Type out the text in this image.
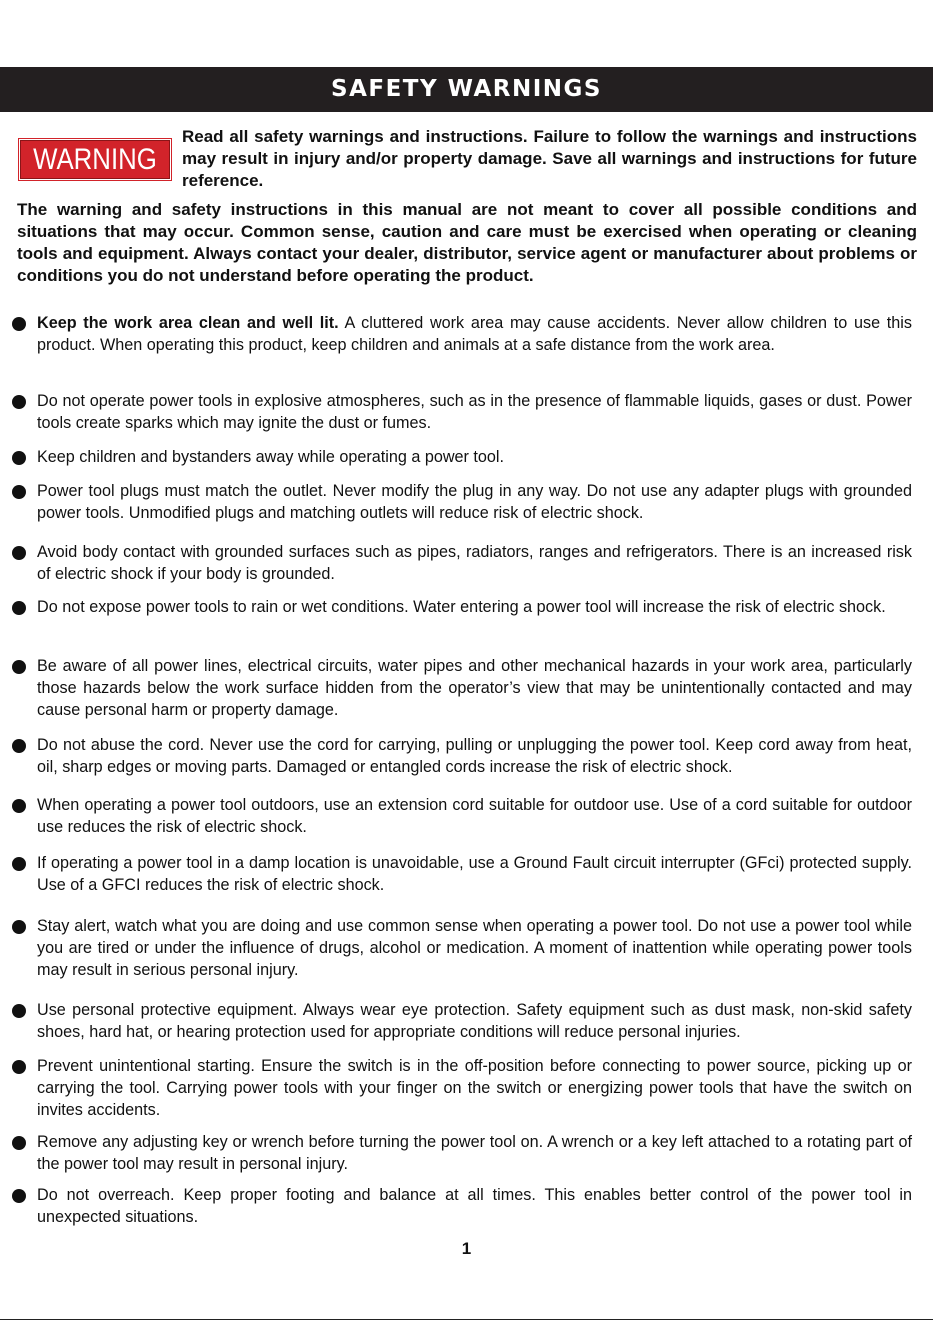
SAFETY WARNINGS
WARNING

Read all safety warnings and instructions. Failure to follow the warnings and instructions may result in injury and/or property damage. Save all warnings and instructions for future reference.

The warning and safety instructions in this manual are not meant to cover all possible conditions and situations that may occur. Common sense, caution and care must be exercised when operating or cleaning tools and equipment. Always contact your dealer, distributor, service agent or manufacturer about problems or conditions you do not understand before operating the product.

Keep the work area clean and well lit. A cluttered work area may cause accidents. Never allow children to use this product. When operating this product, keep children and animals at a safe distance from the work area.

Do not operate power tools in explosive atmospheres, such as in the presence of flammable liquids, gases or dust. Power tools create sparks which may ignite the dust or fumes.

Keep children and bystanders away while operating a power tool.

Power tool plugs must match the outlet. Never modify the plug in any way. Do not use any adapter plugs with grounded power tools. Unmodified plugs and matching outlets will reduce risk of electric shock.

Avoid body contact with grounded surfaces such as pipes, radiators, ranges and refrigerators. There is an increased risk of electric shock if your body is grounded.

Do not expose power tools to rain or wet conditions. Water entering a power tool will increase the risk of electric shock.

Be aware of all power lines, electrical circuits, water pipes and other mechanical hazards in your work area, particularly those hazards below the work surface hidden from the operator’s view that may be unintentionally contacted and may cause personal harm or property damage.

Do not abuse the cord. Never use the cord for carrying, pulling or unplugging the power tool. Keep cord away from heat, oil, sharp edges or moving parts. Damaged or entangled cords increase the risk of electric shock.

When operating a power tool outdoors, use an extension cord suitable for outdoor use. Use of a cord suitable for outdoor use reduces the risk of electric shock.

If operating a power tool in a damp location is unavoidable, use a Ground Fault circuit interrupter (GFci) protected supply. Use of a GFCI reduces the risk of electric shock.

Stay alert, watch what you are doing and use common sense when operating a power tool. Do not use a power tool while you are tired or under the influence of drugs, alcohol or medication. A moment of inattention while operating power tools may result in serious personal injury.

Use personal protective equipment. Always wear eye protection. Safety equipment such as dust mask, non-skid safety shoes, hard hat, or hearing protection used for appropriate conditions will reduce personal injuries.

Prevent unintentional starting. Ensure the switch is in the off-position before connecting to power source, picking up or carrying the tool. Carrying power tools with your finger on the switch or energizing power tools that have the switch on invites accidents.

Remove any adjusting key or wrench before turning the power tool on. A wrench or a key left attached to a rotating part of the power tool may result in personal injury.

Do not overreach. Keep proper footing and balance at all times. This enables better control of the power tool in unexpected situations.

1
